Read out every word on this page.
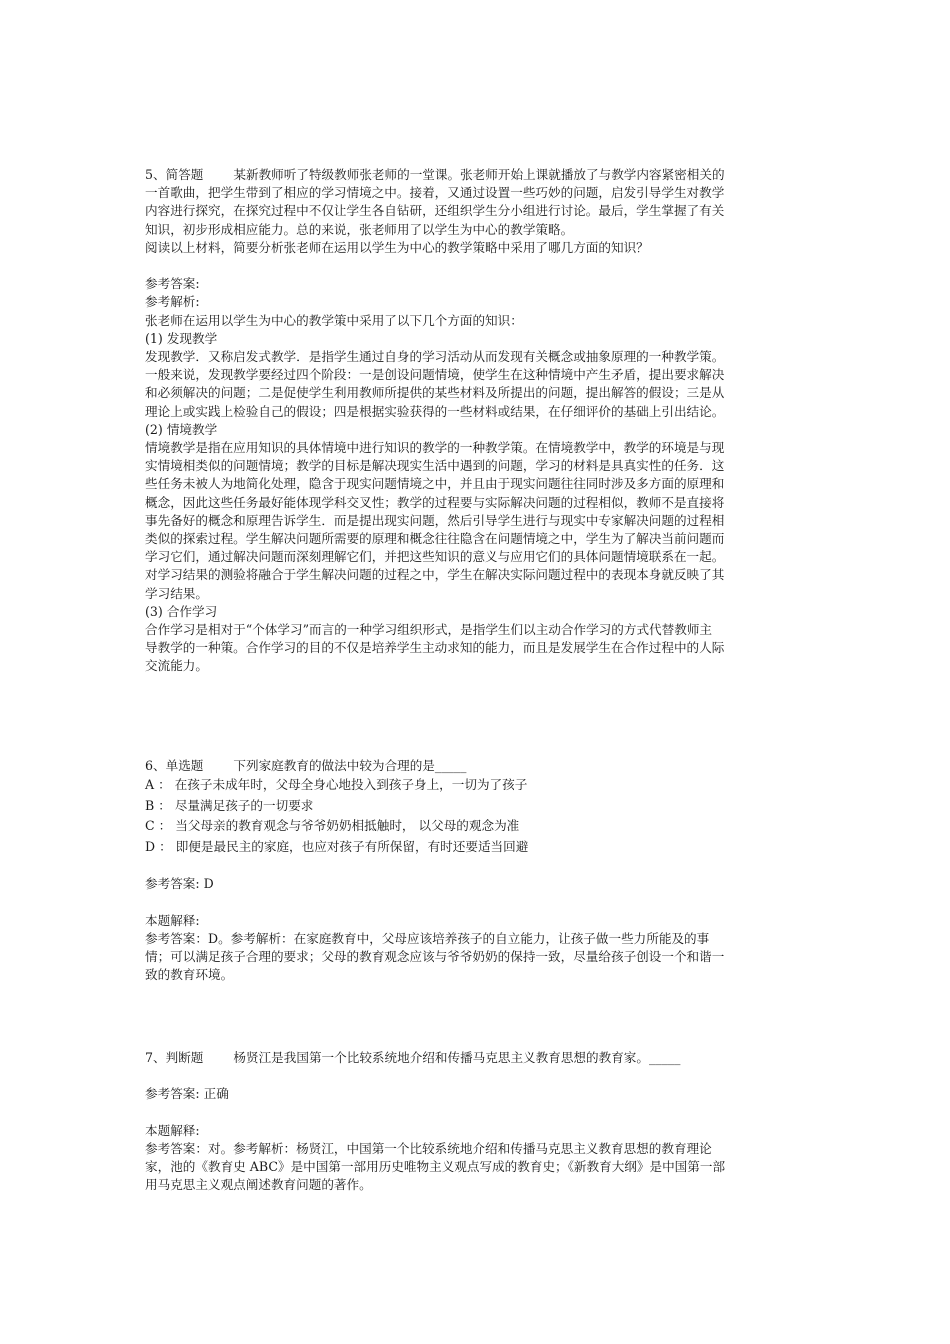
5、简答题 某新教师听了特级教师张老师的一堂课。张老师开始上课就播放了与教学内容紧密相关的

一首歌曲，把学生带到了相应的学习情境之中。接着，又通过设置一些巧妙的问题，启发引导学生对教学

内容进行探究，在探究过程中不仅让学生各自钻研，还组织学生分小组进行讨论。最后，学生掌握了有关

知识，初步形成相应能力。总的来说，张老师用了以学生为中心的教学策略。

阅读以上材料，简要分析张老师在运用以学生为中心的教学策略中采用了哪几方面的知识？

参考答案:

参考解析:

张老师在运用以学生为中心的教学策中采用了以下几个方面的知识：

(1) 发现教学

发现教学．又称启发式教学．是指学生通过自身的学习活动从而发现有关概念或抽象原理的一种教学策。

一般来说，发现教学要经过四个阶段：一是创设问题情境，使学生在这种情境中产生矛盾，提出要求解决

和必须解决的问题；二是促使学生利用教师所提供的某些材料及所提出的问题，提出解答的假设；三是从

理论上或实践上检验自己的假设；四是根据实验获得的一些材料或结果，在仔细评价的基础上引出结论。

(2) 情境教学

情境教学是指在应用知识的具体情境中进行知识的教学的一种教学策。在情境教学中，教学的环境是与现

实情境相类似的问题情境；教学的目标是解决现实生活中遇到的问题，学习的材料是具真实性的任务．这

些任务未被人为地简化处理，隐含于现实问题情境之中，并且由于现实问题往往同时涉及多方面的原理和

概念，因此这些任务最好能体现学科交叉性；教学的过程要与实际解决问题的过程相似，教师不是直接将

事先备好的概念和原理告诉学生．而是提出现实问题，然后引导学生进行与现实中专家解决问题的过程相

类似的探索过程。学生解决问题所需要的原理和概念往往隐含在问题情境之中，学生为了解决当前问题而

学习它们，通过解决问题而深刻理解它们，并把这些知识的意义与应用它们的具体问题情境联系在一起。

对学习结果的测验将融合于学生解决问题的过程之中，学生在解决实际问题过程中的表现本身就反映了其

学习结果。

(3) 合作学习

合作学习是相对于“个体学习”而言的一种学习组织形式，是指学生们以主动合作学习的方式代替教师主

导教学的一种策。合作学习的目的不仅是培养学生主动求知的能力，而且是发展学生在合作过程中的人际

交流能力。

6、单选题 下列家庭教育的做法中较为合理的是_____

A ： 在孩子未成年时，父母全身心地投入到孩子身上，一切为了孩子

B ： 尽量满足孩子的一切要求

C ： 当父母亲的教育观念与爷爷奶奶相抵触时， 以父母的观念为准

D ： 即便是最民主的家庭，也应对孩子有所保留，有时还要适当回避

参考答案: D

本题解释:

参考答案：D。参考解析：在家庭教育中，父母应该培养孩子的自立能力，让孩子做一些力所能及的事

情；可以满足孩子合理的要求；父母的教育观念应该与爷爷奶奶的保持一致，尽量给孩子创设一个和谐一

致的教育环境。

7、判断题 杨贤江是我国第一个比较系统地介绍和传播马克思主义教育思想的教育家。_____

参考答案: 正确

本题解释:

参考答案：对。参考解析：杨贤江，中国第一个比较系统地介绍和传播马克思主义教育思想的教育理论

家，池的《教育史 ABC》是中国第一部用历史唯物主义观点写成的教育史；《新教育大纲》是中国第一部

用马克思主义观点阐述教育问题的著作。
